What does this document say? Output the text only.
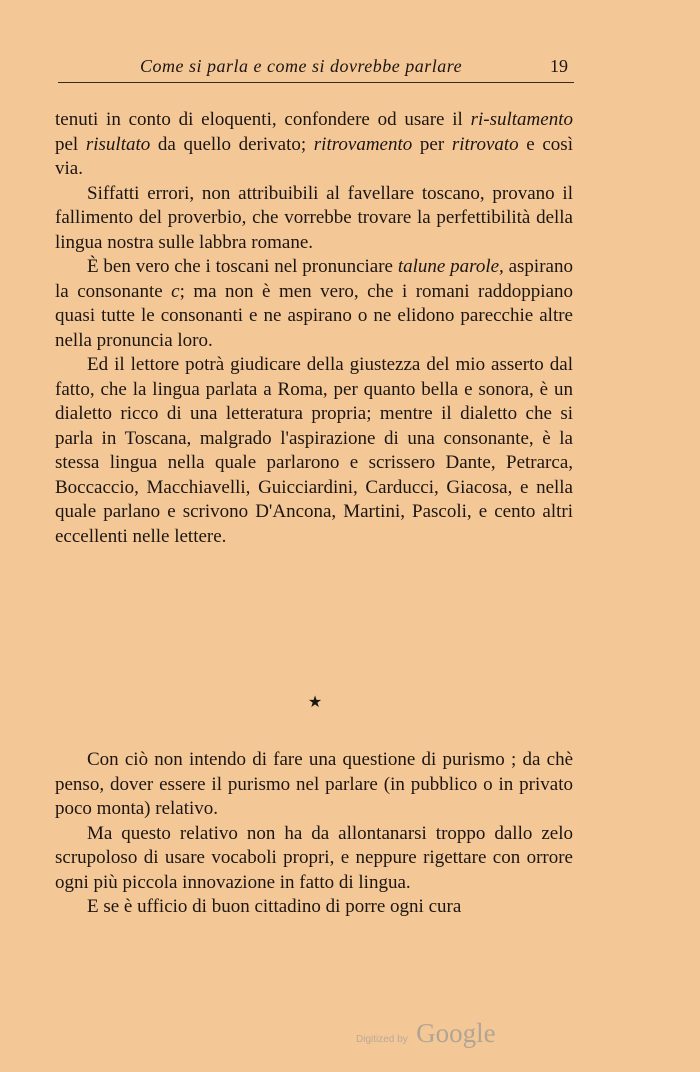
Come si parla e come si dovrebbe parlare	19

tenuti in conto di eloquenti, confondere od usare il ri-sultamento pel risultato da quello derivato; ritrovamento per ritrovato e così via.

Siffatti errori, non attribuibili al favellare toscano, provano il fallimento del proverbio, che vorrebbe trovare la perfettibilità della lingua nostra sulle labbra romane.

È ben vero che i toscani nel pronunciare talune parole, aspirano la consonante c; ma non è men vero, che i romani raddoppiano quasi tutte le consonanti e ne aspirano o ne elidono parecchie altre nella pronuncia loro.

Ed il lettore potrà giudicare della giustezza del mio asserto dal fatto, che la lingua parlata a Roma, per quanto bella e sonora, è un dialetto ricco di una letteratura propria; mentre il dialetto che si parla in Toscana, malgrado l'aspirazione di una consonante, è la stessa lingua nella quale parlarono e scrissero Dante, Petrarca, Boccaccio, Macchiavelli, Guicciardini, Carducci, Giacosa, e nella quale parlano e scrivono D'Ancona, Martini, Pascoli, e cento altri eccellenti nelle lettere.

★

Con ciò non intendo di fare una questione di purismo ; da chè penso, dover essere il purismo nel parlare (in pubblico o in privato poco monta) relativo.

Ma questo relativo non ha da allontanarsi troppo dallo zelo scrupoloso di usare vocaboli propri, e neppure rigettare con orrore ogni più piccola innovazione in fatto di lingua.

E se è ufficio di buon cittadino di porre ogni cura

Digitized by Google
